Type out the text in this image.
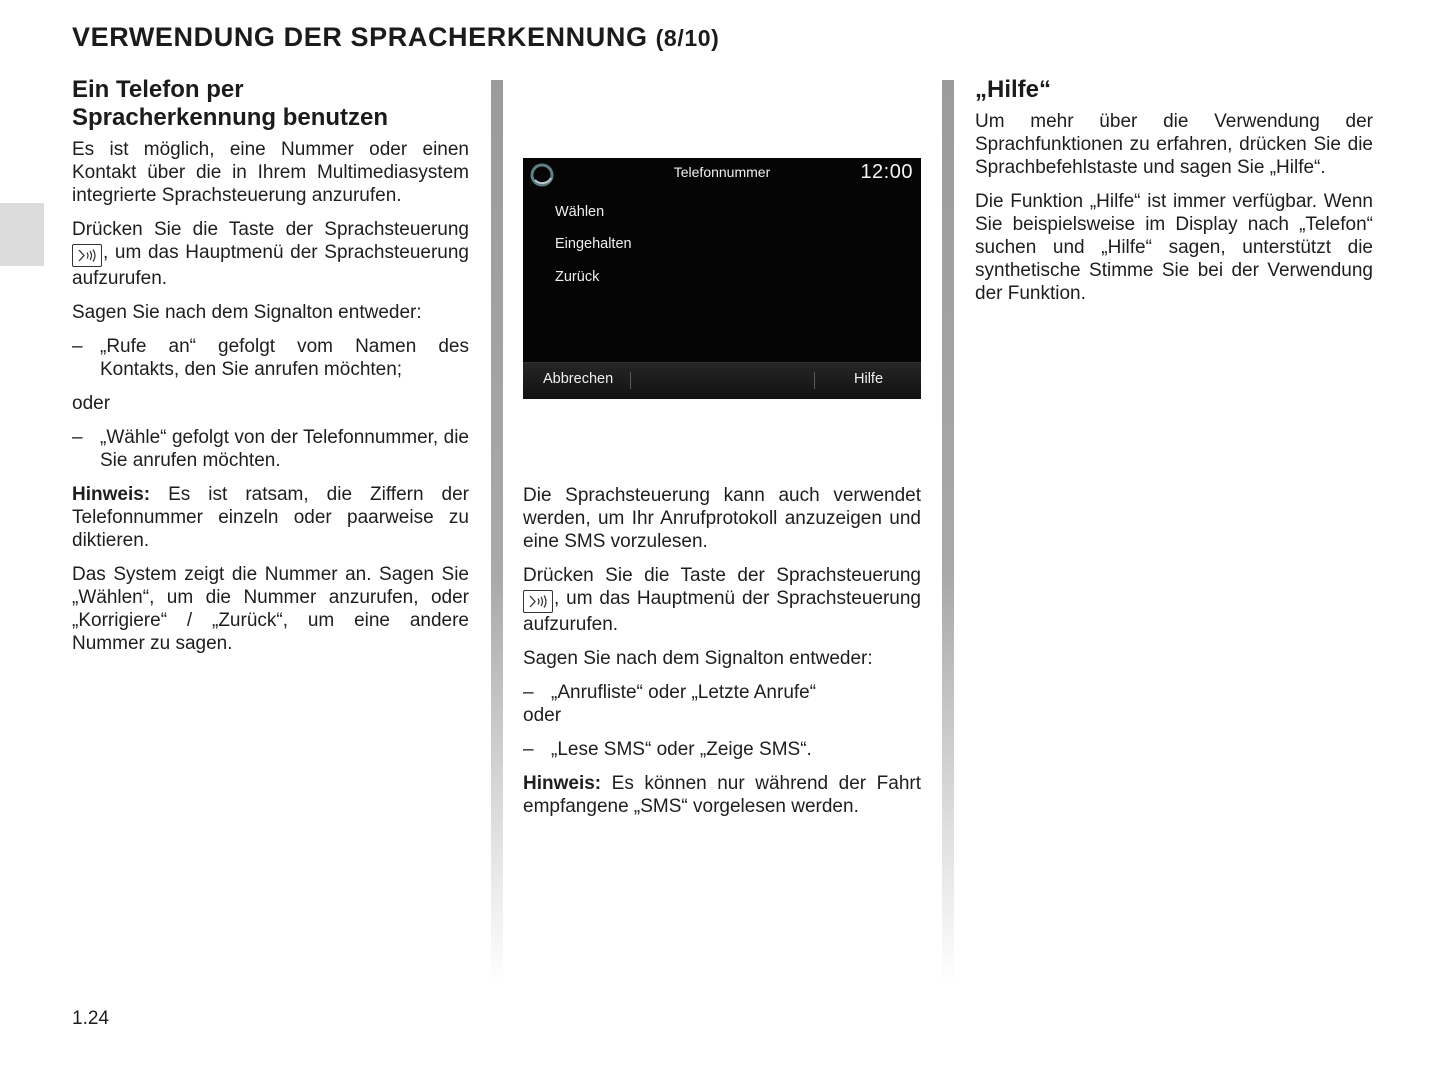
VERWENDUNG DER SPRACHERKENNUNG (8/10)
Ein Telefon per
Spracherkennung benutzen

Es ist möglich, eine Nummer oder einen Kontakt über die in Ihrem Multimediasystem integrierte Sprachsteuerung anzurufen.

Drücken Sie die Taste der Sprachsteuerung
, um das Hauptmenü der Sprachsteuerung aufzurufen.

Sagen Sie nach dem Signalton entweder:

– „Rufe an“ gefolgt vom Namen des Kontakts, den Sie anrufen möchten;

oder

– „Wähle“ gefolgt von der Telefonnummer, die Sie anrufen möchten.

Hinweis: Es ist ratsam, die Ziffern der Telefonnummer einzeln oder paarweise zu diktieren.

Das System zeigt die Nummer an. Sagen Sie „Wählen“, um die Nummer anzurufen, oder „Korrigiere“ / „Zurück“, um eine andere Nummer zu sagen.

Telefonnummer	12:00
Wählen
Eingehalten
Zurück
Abbrechen	Hilfe

Die Sprachsteuerung kann auch verwendet werden, um Ihr Anrufprotokoll anzuzeigen und eine SMS vorzulesen.

Drücken Sie die Taste der Sprachsteuerung
, um das Hauptmenü der Sprachsteuerung aufzurufen.

Sagen Sie nach dem Signalton entweder:

– „Anrufliste“ oder „Letzte Anrufe“

oder

– „Lese SMS“ oder „Zeige SMS“.

Hinweis: Es können nur während der Fahrt empfangene „SMS“ vorgelesen werden.

„Hilfe“

Um mehr über die Verwendung der Sprachfunktionen zu erfahren, drücken Sie die Sprachbefehlstaste und sagen Sie „Hilfe“.

Die Funktion „Hilfe“ ist immer verfügbar. Wenn Sie beispielsweise im Display nach „Telefon“ suchen und „Hilfe“ sagen, unterstützt die synthetische Stimme Sie bei der Verwendung der Funktion.

1.24
